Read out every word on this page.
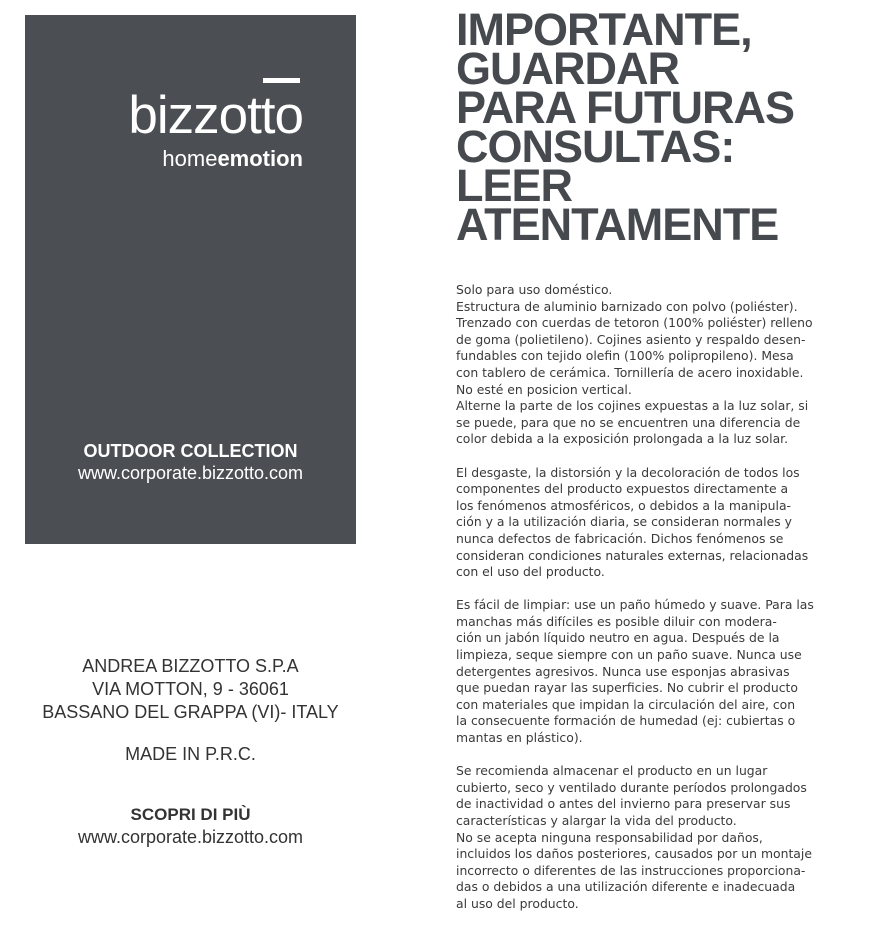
bizzotto
homeemotion
OUTDOOR COLLECTION
www.corporate.bizzotto.com
ANDREA BIZZOTTO S.P.A
VIA MOTTON, 9 - 36061
BASSANO DEL GRAPPA (VI)- ITALY
MADE IN P.R.C.
SCOPRI DI PIÙ
www.corporate.bizzotto.com
IMPORTANTE,
GUARDAR
PARA FUTURAS
CONSULTAS:
LEER
ATENTAMENTE
Solo para uso doméstico.
Estructura de aluminio barnizado con polvo (poliéster).
Trenzado con cuerdas de tetoron (100% poliéster) relleno
de goma (polietileno). Cojines asiento y respaldo desen-
fundables con tejido olefin (100% polipropileno). Mesa
con tablero de cerámica. Tornillería de acero inoxidable.
No esté en posicion vertical.
Alterne la parte de los cojines expuestas a la luz solar, si
se puede, para que no se encuentren una diferencia de
color debida a la exposición prolongada a la luz solar.
El desgaste, la distorsión y la decoloración de todos los
componentes del producto expuestos directamente a
los fenómenos atmosféricos, o debidos a la manipula-
ción y a la utilización diaria, se consideran normales y
nunca defectos de fabricación. Dichos fenómenos se
consideran condiciones naturales externas, relacionadas
con el uso del producto.
Es fácil de limpiar: use un paño húmedo y suave. Para las
manchas más difíciles es posible diluir con modera-
ción un jabón líquido neutro en agua. Después de la
limpieza, seque siempre con un paño suave. Nunca use
detergentes agresivos. Nunca use esponjas abrasivas
que puedan rayar las superficies. No cubrir el producto
con materiales que impidan la circulación del aire, con
la consecuente formación de humedad (ej: cubiertas o
mantas en plástico).
Se recomienda almacenar el producto en un lugar
cubierto, seco y ventilado durante períodos prolongados
de inactividad o antes del invierno para preservar sus
características y alargar la vida del producto.
No se acepta ninguna responsabilidad por daños,
incluidos los daños posteriores, causados por un montaje
incorrecto o diferentes de las instrucciones proporciona-
das o debidos a una utilización diferente e inadecuada
al uso del producto.
